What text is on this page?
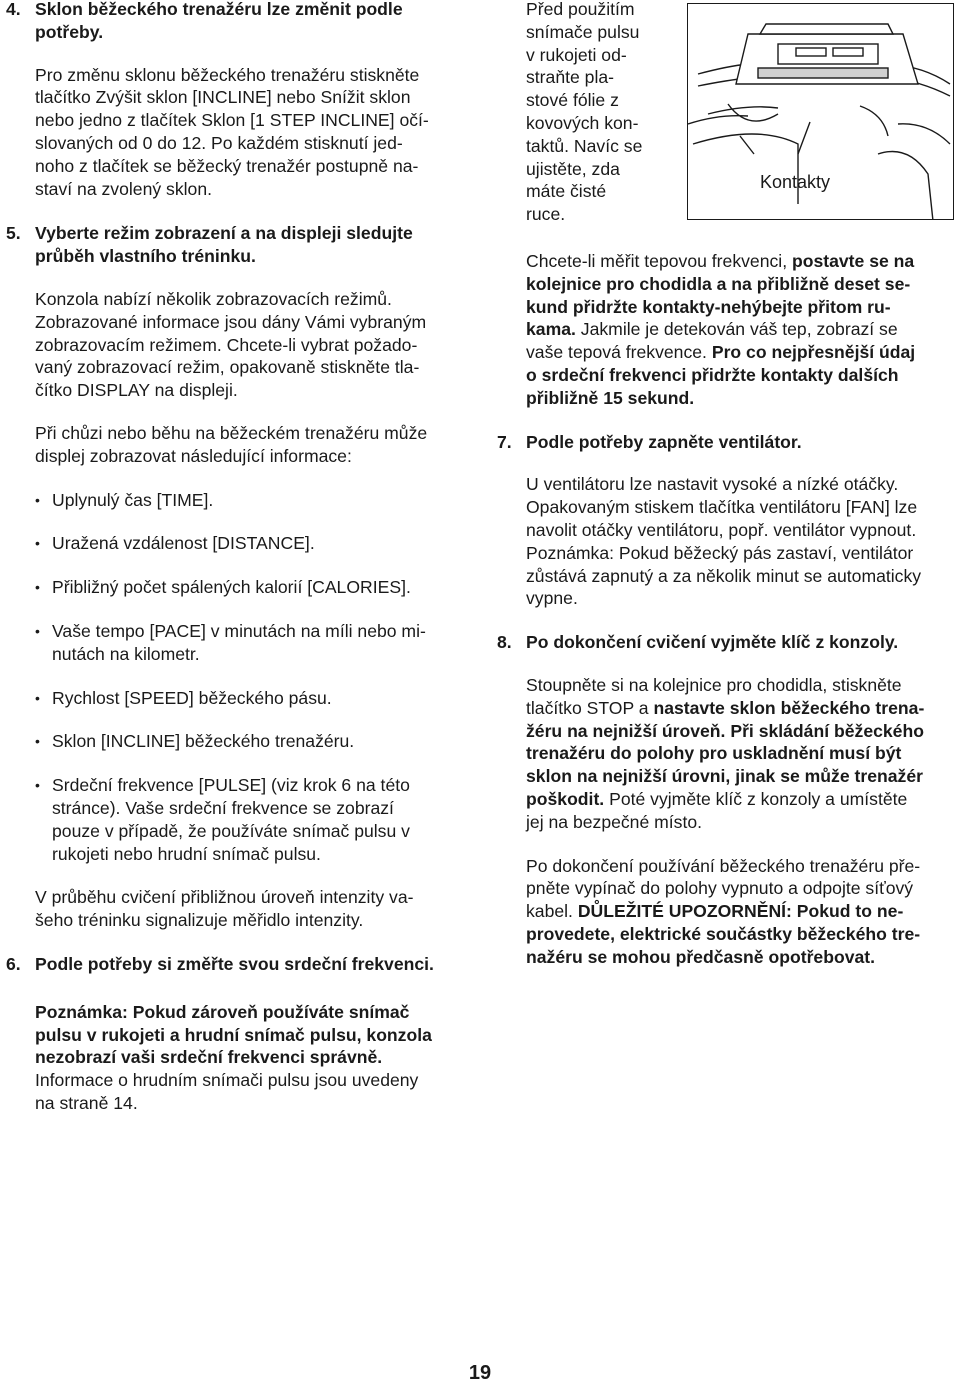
4. Sklon běžeckého trenažéru lze změnit podle
potřeby.
Pro změnu sklonu běžeckého trenažéru stiskněte
tlačítko Zvýšit sklon [INCLINE] nebo Snížit sklon
nebo jedno z tlačítek Sklon [1 STEP INCLINE] očí-
slovaných od 0 do 12. Po každém stisknutí jed-
noho z tlačítek se běžecký trenažér postupně na-
staví na zvolený sklon.
5. Vyberte režim zobrazení a na displeji sledujte
průběh vlastního tréninku.
Konzola nabízí několik zobrazovacích režimů.
Zobrazované informace jsou dány Vámi vybraným
zobrazovacím režimem. Chcete-li vybrat požado-
vaný zobrazovací režim, opakovaně stiskněte tla-
čítko DISPLAY na displeji.
Při chůzi nebo běhu na běžeckém trenažéru může
displej zobrazovat následující informace:
• Uplynulý čas [TIME].
• Uražená vzdálenost [DISTANCE].
• Přibližný počet spálených kalorií [CALORIES].
• Vaše tempo [PACE] v minutách na míli nebo mi-
nutách na kilometr.
• Rychlost [SPEED] běžeckého pásu.
• Sklon [INCLINE] běžeckého trenažéru.
• Srdeční frekvence [PULSE] (viz krok 6 na této
stránce). Vaše srdeční frekvence se zobrazí
pouze v případě, že používáte snímač pulsu v
rukojeti nebo hrudní snímač pulsu.
V průběhu cvičení přibližnou úroveň intenzity va-
šeho tréninku signalizuje měřidlo intenzity.
6. Podle potřeby si změřte svou srdeční frekvenci.
Poznámka: Pokud zároveň používáte snímač
pulsu v rukojeti a hrudní snímač pulsu, konzola
nezobrazí vaši srdeční frekvenci správně.
Informace o hrudním snímači pulsu jsou uvedeny
na straně 14.
Před použitím
snímače pulsu
v rukojeti od-
straňte pla-
stové fólie z
kovových kon-
taktů. Navíc se
ujistěte, zda
máte čisté
ruce.
Kontakty
Chcete-li měřit tepovou frekvenci, postavte se na
kolejnice pro chodidla a na přibližně deset se-
kund přidržte kontakty-nehýbejte přitom ru-
kama. Jakmile je detekován váš tep, zobrazí se
vaše tepová frekvence. Pro co nejpřesnější údaj
o srdeční frekvenci přidržte kontakty dalších
přibližně 15 sekund.
7. Podle potřeby zapněte ventilátor.
U ventilátoru lze nastavit vysoké a nízké otáčky.
Opakovaným stiskem tlačítka ventilátoru [FAN] lze
navolit otáčky ventilátoru, popř. ventilátor vypnout.
Poznámka: Pokud běžecký pás zastaví, ventilátor
zůstává zapnutý a za několik minut se automaticky
vypne.
8. Po dokončení cvičení vyjměte klíč z konzoly.
Stoupněte si na kolejnice pro chodidla, stiskněte
tlačítko STOP a nastavte sklon běžeckého trena-
žéru na nejnižší úroveň. Při skládání běžeckého
trenažéru do polohy pro uskladnění musí být
sklon na nejnižší úrovni, jinak se může trenažér
poškodit. Poté vyjměte klíč z konzoly a umístěte
jej na bezpečné místo.
Po dokončení používání běžeckého trenažéru pře-
pněte vypínač do polohy vypnuto a odpojte síťový
kabel. DŮLEŽITÉ UPOZORNĚNÍ: Pokud to ne-
provedete, elektrické součástky běžeckého tre-
nažéru se mohou předčasně opotřebovat.
19
